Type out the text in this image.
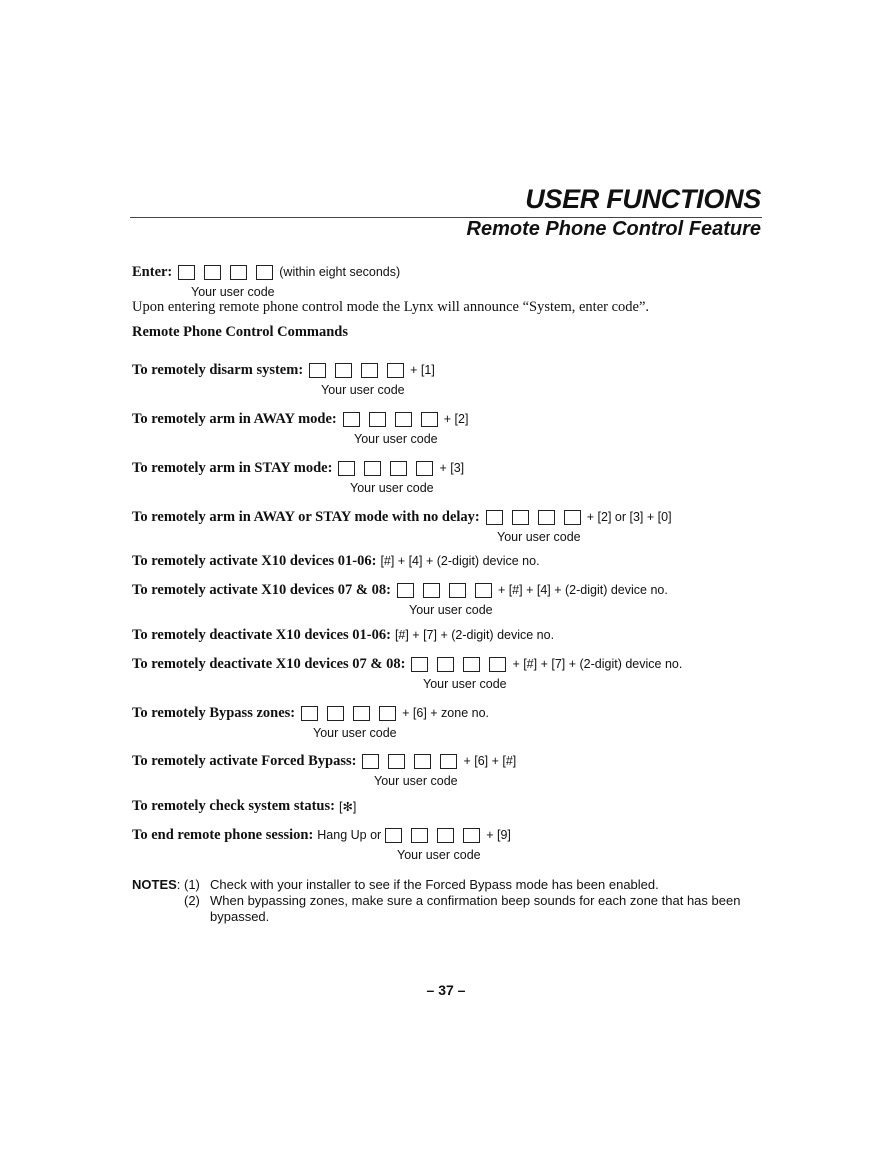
USER FUNCTIONS
Remote Phone Control Feature
Enter:	(within eight seconds)
Your user code
Upon entering remote phone control mode the Lynx will announce “System, enter code”.
Remote Phone Control Commands
To remotely disarm system:	+ [1]
Your user code
To remotely arm in AWAY mode:	+ [2]
Your user code
To remotely arm in STAY mode:	+ [3]
Your user code
To remotely arm in AWAY or STAY mode with no delay:	+ [2] or [3] + [0]
Your user code
To remotely activate X10 devices 01-06: [#] + [4] + (2-digit) device no.
To remotely activate X10 devices 07 & 08:	+ [#] + [4] + (2-digit) device no.
Your user code
To remotely deactivate X10 devices 01-06: [#] + [7] + (2-digit) device no.
To remotely deactivate X10 devices 07 & 08:	+ [#] + [7] + (2-digit) device no.
Your user code
To remotely Bypass zones:	+ [6] + zone no.
Your user code
To remotely activate Forced Bypass:	+ [6] + [#]
Your user code
To remotely check system status: [✻]
To end remote phone session: Hang Up or	+ [9]
Your user code
NOTES: (1) Check with your installer to see if the Forced Bypass mode has been enabled.
(2) When bypassing zones, make sure a confirmation beep sounds for each zone that has been bypassed.
– 37 –
